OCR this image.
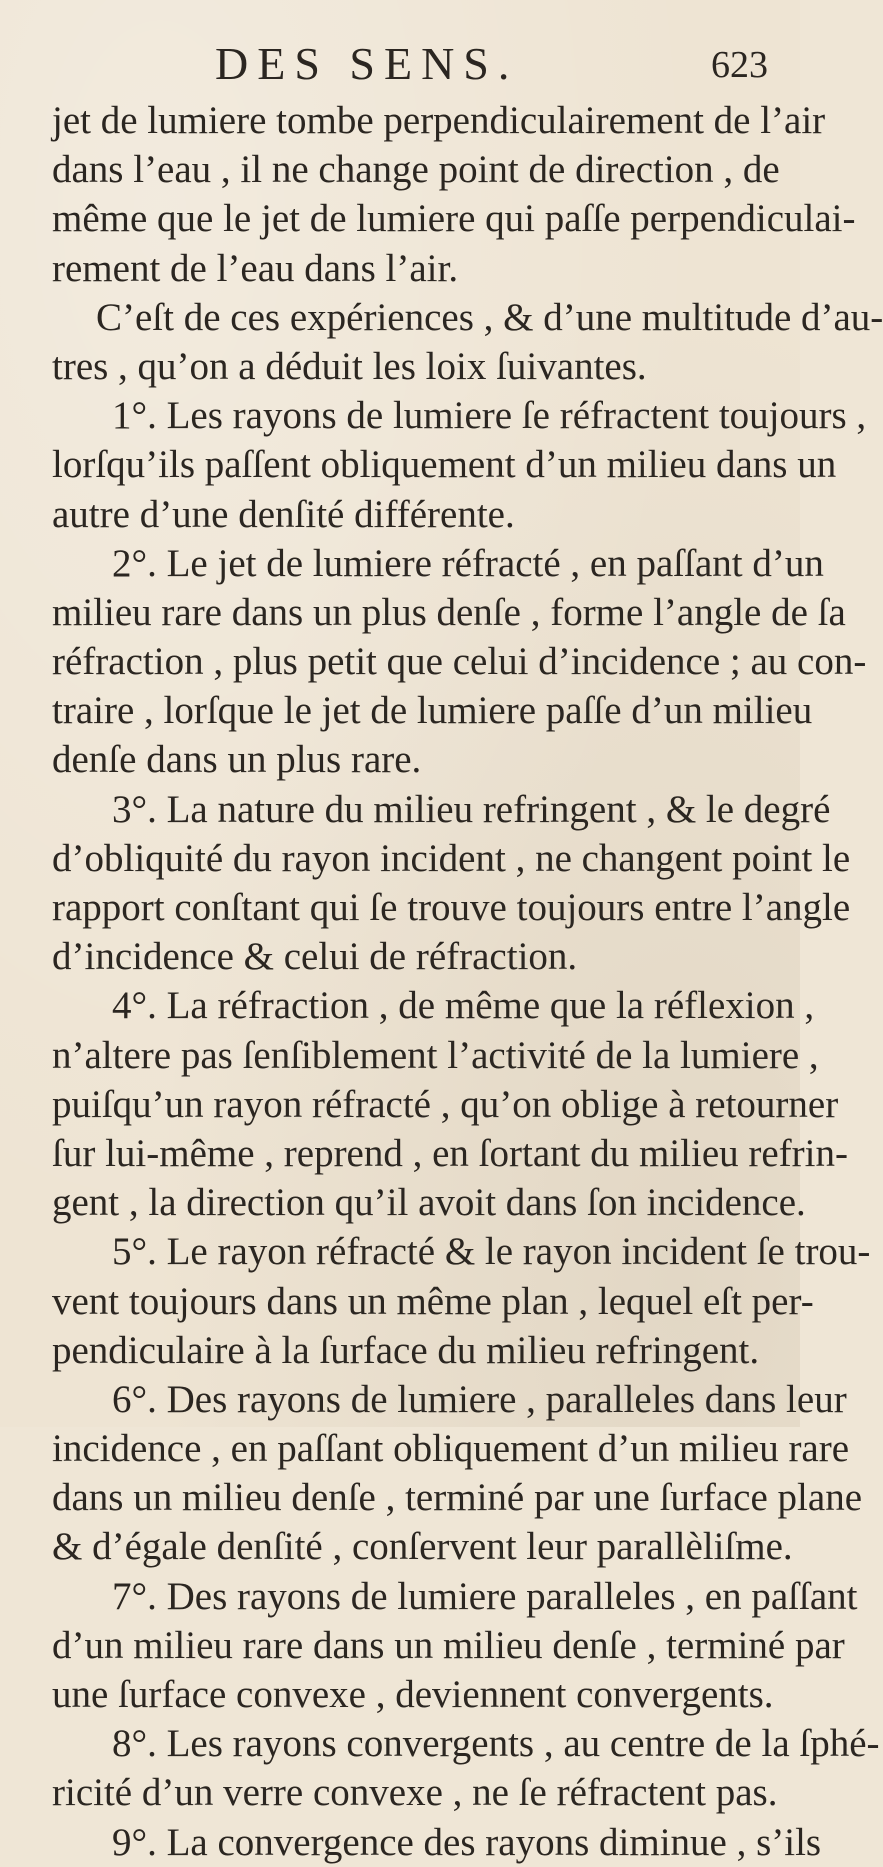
DES SENS.	623
jet de lumiere tombe perpendiculairement de l’air
dans l’eau , il ne change point de direction , de
même que le jet de lumiere qui paſſe perpendiculai-
rement de l’eau dans l’air.
C’eſt de ces expériences , & d’une multitude d’au-
tres , qu’on a déduit les loix ſuivantes.
1°. Les rayons de lumiere ſe réfractent toujours ,
lorſqu’ils paſſent obliquement d’un milieu dans un
autre d’une denſité différente.
2°. Le jet de lumiere réfracté , en paſſant d’un
milieu rare dans un plus denſe , forme l’angle de ſa
réfraction , plus petit que celui d’incidence ; au con-
traire , lorſque le jet de lumiere paſſe d’un milieu
denſe dans un plus rare.
3°. La nature du milieu refringent , & le degré
d’obliquité du rayon incident , ne changent point le
rapport conſtant qui ſe trouve toujours entre l’angle
d’incidence & celui de réfraction.
4°. La réfraction , de même que la réflexion ,
n’altere pas ſenſiblement l’activité de la lumiere ,
puiſqu’un rayon réfracté , qu’on oblige à retourner
ſur lui-même , reprend , en ſortant du milieu refrin-
gent , la direction qu’il avoit dans ſon incidence.
5°. Le rayon réfracté & le rayon incident ſe trou-
vent toujours dans un même plan , lequel eſt per-
pendiculaire à la ſurface du milieu refringent.
6°. Des rayons de lumiere , paralleles dans leur
incidence , en paſſant obliquement d’un milieu rare
dans un milieu denſe , terminé par une ſurface plane
& d’égale denſité , conſervent leur parallèliſme.
7°. Des rayons de lumiere paralleles , en paſſant
d’un milieu rare dans un milieu denſe , terminé par
une ſurface convexe , deviennent convergents.
8°. Les rayons convergents , au centre de la ſphé-
ricité d’un verre convexe , ne ſe réfractent pas.
9°. La convergence des rayons diminue , s’ils
